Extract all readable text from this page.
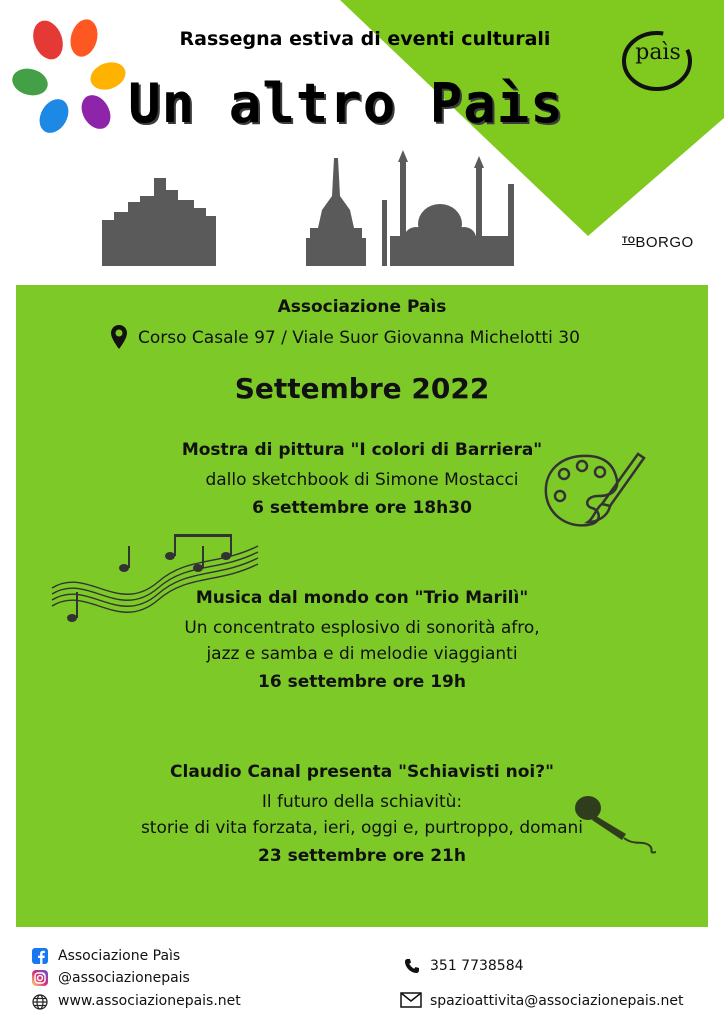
Rassegna estiva di eventi culturali
Un altro Paìs
paìs
$^{TO}$BORGO
Associazione Paìs
Corso Casale 97 / Viale Suor Giovanna Michelotti 30
Settembre 2022
Mostra di pittura "I colori di Barriera"
dallo sketchbook di Simone Mostacci
6 settembre ore 18h30
Musica dal mondo con "Trio Marilì"
Un concentrato esplosivo di sonorità afro,
jazz e samba e di melodie viaggianti
16 settembre ore 19h
Claudio Canal presenta "Schiavisti noi?"
Il futuro della schiavitù:
storie di vita forzata, ieri, oggi e, purtroppo, domani
23 settembre ore 21h
Associazione Paìs
@associazionepais
www.associazionepais.net
351 7738584
spazioattivita@associazionepais.net
